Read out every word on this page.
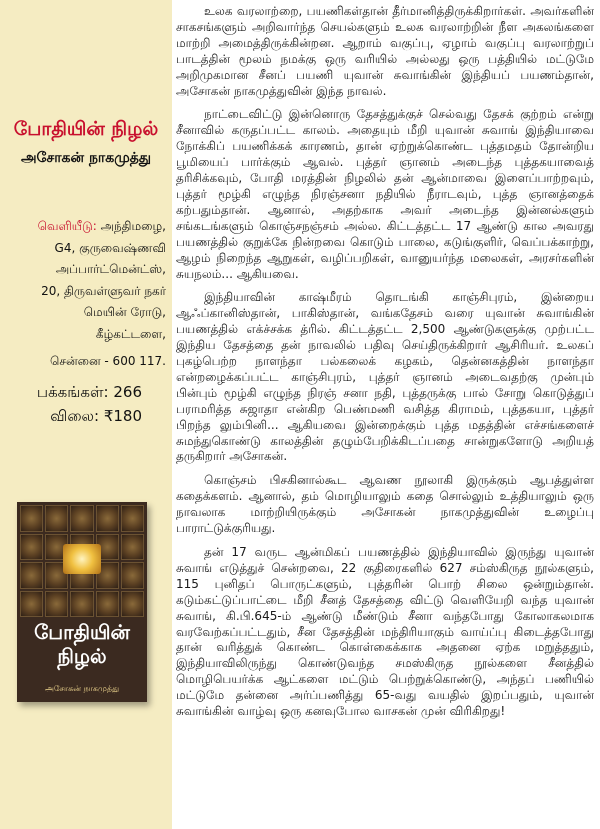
போதியின் நிழல்
அசோகன் நாகமுத்து
வெளியீடு: அந்திமழை,
G4, குருவைஷ்ணவி
அப்பார்ட்மென்ட்ஸ்,
20, திருவள்ளுவர் நகர்
மெயின் ரோடு,
கீழ்கட்டளை,
சென்னை - 600 117.
பக்கங்கள்: 266
விலை: ₹180
போதியின்
நிழல்
அசோகன் நாகமுத்து

உலக வரலாற்றை, பயணிகள்தான் தீர்மானித்திருக்கிறார்கள். அவர்களின் சாகசங்களும் அறிவார்ந்த செயல்களும் உலக வரலாற்றின் நீள அகலங்களை மாற்றி அமைத்திருக்கின்றன. ஆறாம் வகுப்பு, ஏழாம் வகுப்பு வரலாற்றுப் பாடத்தின் மூலம் நமக்கு ஒரு வரியில் அல்லது ஒரு பத்தியில் மட்டுமே அறிமுகமான சீனப் பயணி யுவான் சுவாங்கின் இந்தியப் பயணம்தான், அசோகன் நாகமுத்துவின் இந்த நாவல்.

நாட்டைவிட்டு இன்னொரு தேசத்துக்குச் செல்வது தேசக் குற்றம் என்று சீனாவில் கருதப்பட்ட காலம். அதையும் மீறி யுவான் சுவாங் இந்தியாவை நோக்கிப் பயணிக்கக் காரணம், தான் ஏற்றுக்கொண்ட புத்தமதம் தோன்றிய பூமியைப் பார்க்கும் ஆவல். புத்தர் ஞானம் அடைந்த புத்தகயாவைத் தரிசிக்கவும், போதி மரத்தின் நிழலில் தன் ஆன்மாவை இளைப்பாற்றவும், புத்தர் மூழ்கி எழுந்த நிரஞ்சனா நதியில் நீராடவும், புத்த ஞானத்தைக் கற்பதும்தான். ஆனால், அதற்காக அவர் அடைந்த இன்னல்களும் சங்கடங்களும் கொஞ்சநஞ்சம் அல்ல. கிட்டத்தட்ட 17 ஆண்டு கால அவரது பயணத்தில் குறுக்கே நின்றவை கொடும் பாலை, கடுங்குளிர், வெப்பக்காற்று, ஆழம் நிறைந்த ஆறுகள், வழிப்பறிகள், வானுயர்ந்த மலைகள், அரசர்களின் சுயநலம்... ஆகியவை.

இந்தியாவின் காஷ்மீரம் தொடங்கி காஞ்சிபுரம், இன்றைய ஆஃப்கானிஸ்தான், பாகிஸ்தான், வங்கதேசம் வரை யுவான் சுவாங்கின் பயணத்தில் எக்ச்சக்க த்ரில். கிட்டத்தட்ட 2,500 ஆண்டுகளுக்கு முற்பட்ட இந்திய தேசத்தை தன் நாவலில் பதிவு செய்திருக்கிறார் ஆசிரியர். உலகப் புகழ்பெற்ற நாளந்தா பல்கலைக் கழகம், தென்னகத்தின் நாளந்தா என்றழைக்கப்பட்ட காஞ்சிபுரம், புத்தர் ஞானம் அடைவதற்கு முன்பும் பின்பும் மூழ்கி எழுந்த நிரஞ் சனா நதி, புத்தருக்கு பால் சோறு கொடுத்துப் பராமரித்த சுஜாதா என்கிற பெண்மணி வசித்த கிராமம், புத்தகயா, புத்தர் பிறந்த லும்பினி... ஆகியவை இன்றைக்கும் புத்த மதத்தின் எச்சங்களைச் சுமந்துகொண்டு காலத்தின் தழும்பேறிக்கிடப்பதை சான்றுகளோடு அறியத் தருகிறார் அசோகன்.

கொஞ்சம் பிசகினால்கூட ஆவண நூலாகி இருக்கும் ஆபத்துள்ள கதைக்களம். ஆனால், தம் மொழியாலும் கதை சொல்லும் உத்தியாலும் ஒரு நாவலாக மாற்றியிருக்கும் அசோகன் நாகமுத்துவின் உழைப்பு பாராட்டுக்குரியது.

தன் 17 வருட ஆன்மிகப் பயணத்தில் இந்தியாவில் இருந்து யுவான் சுவாங் எடுத்துச் சென்றவை, 22 குதிரைகளில் 627 சம்ஸ்கிருத நூல்களும், 115 புனிதப் பொருட்களும், புத்தரின் பொற் சிலை ஒன்றும்தான். கடும்கட்டுப்பாட்டை மீறி சீனத் தேசத்தை விட்டு வெளியேறி வந்த யுவான் சுவாங், கி.பி.645-ம் ஆண்டு மீண்டும் சீனா வந்தபோது கோலாகலமாக வரவேற்கப்பட்டதும், சீன தேசத்தின் மந்திரியாகும் வாய்ப்பு கிடைத்தபோது தான் வரித்துக் கொண்ட கொள்கைக்காக அதனை ஏற்க மறுத்ததும், இந்தியாவிலிருந்து கொண்டுவந்த சமஸ்கிருத நூல்களை சீனத்தில் மொழிபெயர்க்க ஆட்களை மட்டும் பெற்றுக்கொண்டு, அந்தப் பணியில் மட்டுமே தன்னை அர்ப்பணித்து 65-வது வயதில் இறப்பதும், யுவான் சுவாங்கின் வாழ்வு ஒரு கனவுபோல வாசகன் முன் விரிகிறது!
